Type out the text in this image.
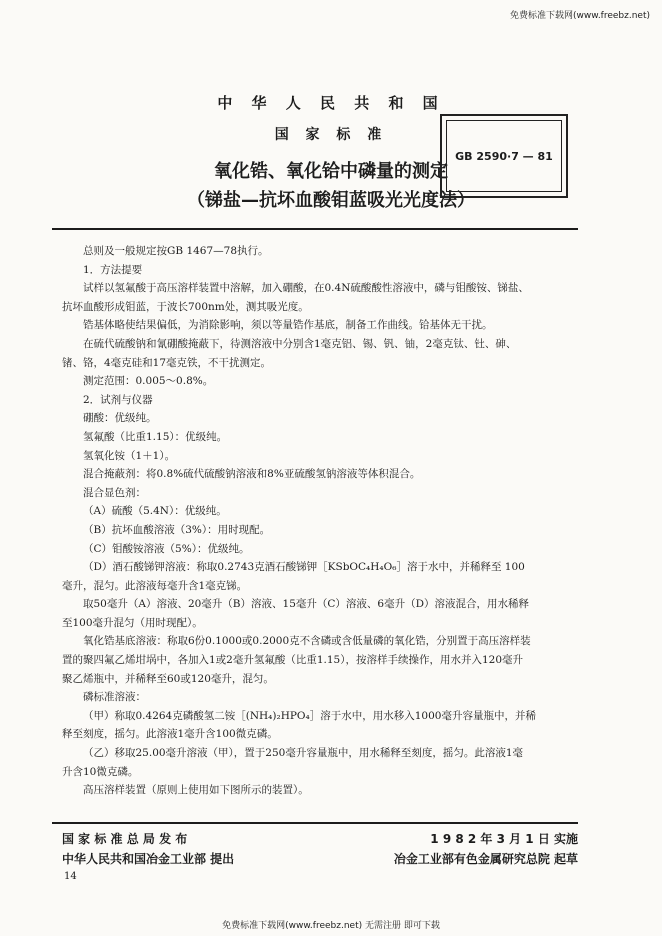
免费标准下载网(www.freebz.net)
中 华 人 民 共 和 国
国 家 标 准
氧化锆、氧化铪中磷量的测定
（锑盐—抗坏血酸钼蓝吸光光度法）
GB 2590·7 — 81

总则及一般规定按GB 1467—78执行。

1．方法提要

试样以氢氟酸于高压溶样装置中溶解，加入硼酸，在0.4N硫酸酸性溶液中，磷与钼酸铵、锑盐、

抗坏血酸形成钼蓝，于波长700nm处，测其吸光度。

锆基体略使结果偏低，为消除影响，须以等量锆作基底，制备工作曲线。铪基体无干扰。

在硫代硫酸钠和氰硼酸掩蔽下，待测溶液中分别含1毫克铝、锡、钒、铀，2毫克钛、钍、砷、

锗、铬，4毫克硅和17毫克铁，不干扰测定。

测定范围：0.005～0.8%。

2．试剂与仪器

硼酸：优级纯。

氢氟酸（比重1.15）：优级纯。

氢氧化铵（1＋1）。

混合掩蔽剂：将0.8%硫代硫酸钠溶液和8%亚硫酸氢钠溶液等体积混合。

混合显色剂：

（A）硫酸（5.4N）：优级纯。

（B）抗坏血酸溶液（3%）：用时现配。

（C）钼酸铵溶液（5%）：优级纯。

（D）酒石酸锑钾溶液：称取0.2743克酒石酸锑钾［KSbOC₄H₄O₆］溶于水中，并稀释至 100

毫升，混匀。此溶液每毫升含1毫克锑。

取50毫升（A）溶液、20毫升（B）溶液、15毫升（C）溶液、6毫升（D）溶液混合，用水稀释

至100毫升混匀（用时现配）。

氧化锆基底溶液：称取6份0.1000或0.2000克不含磷或含低量磷的氧化锆，分别置于高压溶样装

置的聚四氟乙烯坩埚中，各加入1或2毫升氢氟酸（比重1.15），按溶样手续操作，用水并入120毫升

聚乙烯瓶中，并稀释至60或120毫升，混匀。

磷标准溶液：

（甲）称取0.4264克磷酸氢二铵［(NH₄)₂HPO₄］溶于水中，用水移入1000毫升容量瓶中，并稀

释至刻度，摇匀。此溶液1毫升含100微克磷。

（乙）移取25.00毫升溶液（甲），置于250毫升容量瓶中，用水稀释至刻度，摇匀。此溶液1毫

升含10微克磷。

高压溶样装置（原则上使用如下图所示的装置）。

国 家 标 准 总 局 发 布
中华人民共和国冶金工业部 提出
1 9 8 2 年 3 月 1 日 实施
冶金工业部有色金属研究总院 起草
14
免费标准下载网(www.freebz.net) 无需注册 即可下载
